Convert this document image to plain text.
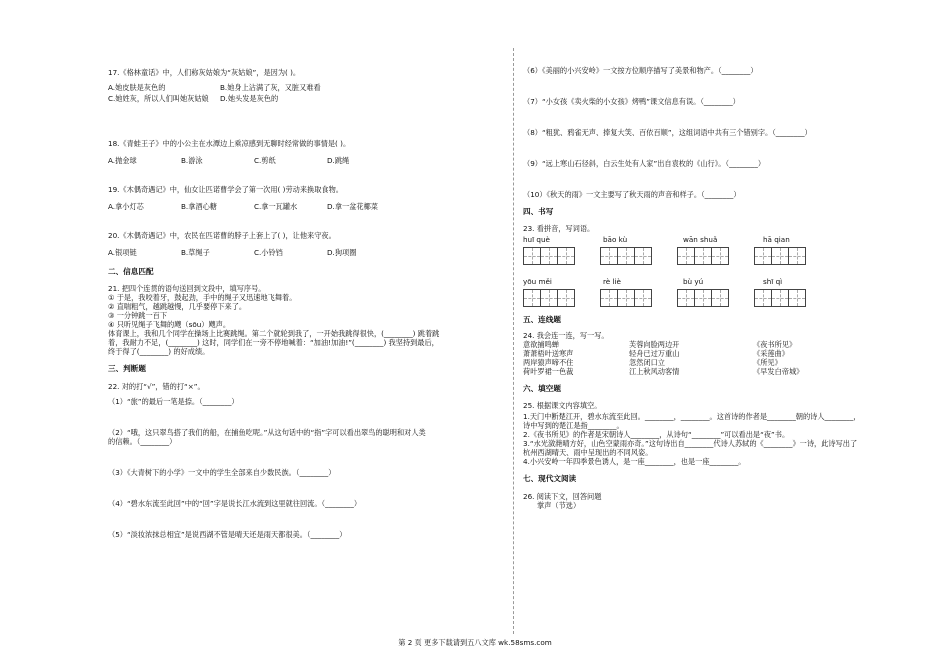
17.《格林童话》中，人们称灰姑娘为“灰姑娘”，是因为( )。

A.她皮肤是灰色的	B.她身上沾满了灰，又脏又难看
C.她姓灰，所以人们叫她灰姑娘	D.她头发是灰色的

18.《青蛙王子》中的小公主在水潭边上乘凉感到无聊时经常做的事情是( )。

A.抛金球	B.游泳	C.剪纸	D.跳绳

19.《木偶奇遇记》中，仙女让匹诺曹学会了第一次用( )劳动来换取食物。

A.拿小灯芯	B.拿酒心糖	C.拿一瓦罐水	D.拿一盆花椰菜

20.《木偶奇遇记》中，农民在匹诺曹的脖子上套上了( )，让他来守夜。

A.银项链	B.草绳子	C.小铃铛	D.狗项圈

二、信息匹配

21. 把四个连贯的语句送回到文段中，填写序号。

① 于是，我咬着牙，鼓起劲，手中的绳子又迅速地飞舞着。

② 直喘粗气，越跳越慢，几乎要停下来了。

③ 一分钟跳一百下

④ 只听见绳子飞舞的飕（sōu）飕声。

体育课上，我和几个同学在操场上比赛跳绳。第二个就轮到我了，一开始我跳得很快，(________) 跳着跳

着，我耐力不足，(________) 这时，同学们在一旁不停地喊着：“加油!加油!”(________) 我坚持到最后，

终于得了(________) 的好成绩。

三、判断题

22. 对的打“√”，错的打“×”。

（1）“旅”的最后一笔是捺。（________）

（2）“哦，这只翠鸟搭了我们的船，在捕鱼吃呢。”从这句话中的“指”字可以看出翠鸟的聪明和对人类

的信赖。（________）

（3）《大青树下的小学》一文中的学生全部来自少数民族。（________）

（4）“碧水东流至此回”中的“回”字是说长江水流到这里就往回流。（________）

（5）“淡妆浓抹总相宜”是说西湖不管是晴天还是雨天都很美。（________）

（6）《美丽的小兴安岭》一文按方位顺序描写了美景和物产。（________）

（7）“小女孩《卖火柴的小女孩》烤鸭”课文信息有误。（________）

（8）“粗犹、鸦雀无声、捧复大笑、百依百顺”，这组词语中共有三个错别字。（________）

（9）“远上寒山石径斜，白云生处有人家”出自袁枚的《山行》。（________）

（10）《秋天的雨》一文主要写了秋天雨的声音和样子。（________）

四、书写

23. 看拼音，写词语。

huī què	bāo kù	wān shuǎ	hā qian
yōu měi	rè liè	bù yú	shī qì

五、连线题

24. 我会连一连，写一写。

意欲捕鸣蝉	芙蓉向脸两边开	《夜书所见》
萧萧梧叶送寒声	轻舟已过万重山	《采莲曲》
两岸猿声啼不住	忽然闭口立	《所见》
荷叶罗裙一色裁	江上秋风动客情	《早发白帝城》

六、填空题

25. 根据课文内容填空。

1.天门中断楚江开，碧水东流至此回。________，________。这首诗的作者是________朝的诗人________，

诗中写到的楚江是指________。

2.《夜书所见》的作者是宋朝诗人________，从诗句“________”可以看出是“夜”书。

3.“水光潋滟晴方好，山色空蒙雨亦奇。”这句诗出自________代诗人苏轼的《________》一诗，此诗写出了

杭州西湖晴天、雨中呈现出的不同风姿。

4.小兴安岭一年四季景色诱人，是一座________，也是一座________。

七、现代文阅读

26. 阅读下文，回答问题

掌声（节选）

第 2 页 更多下载请到五八文库 wk.58sms.com
